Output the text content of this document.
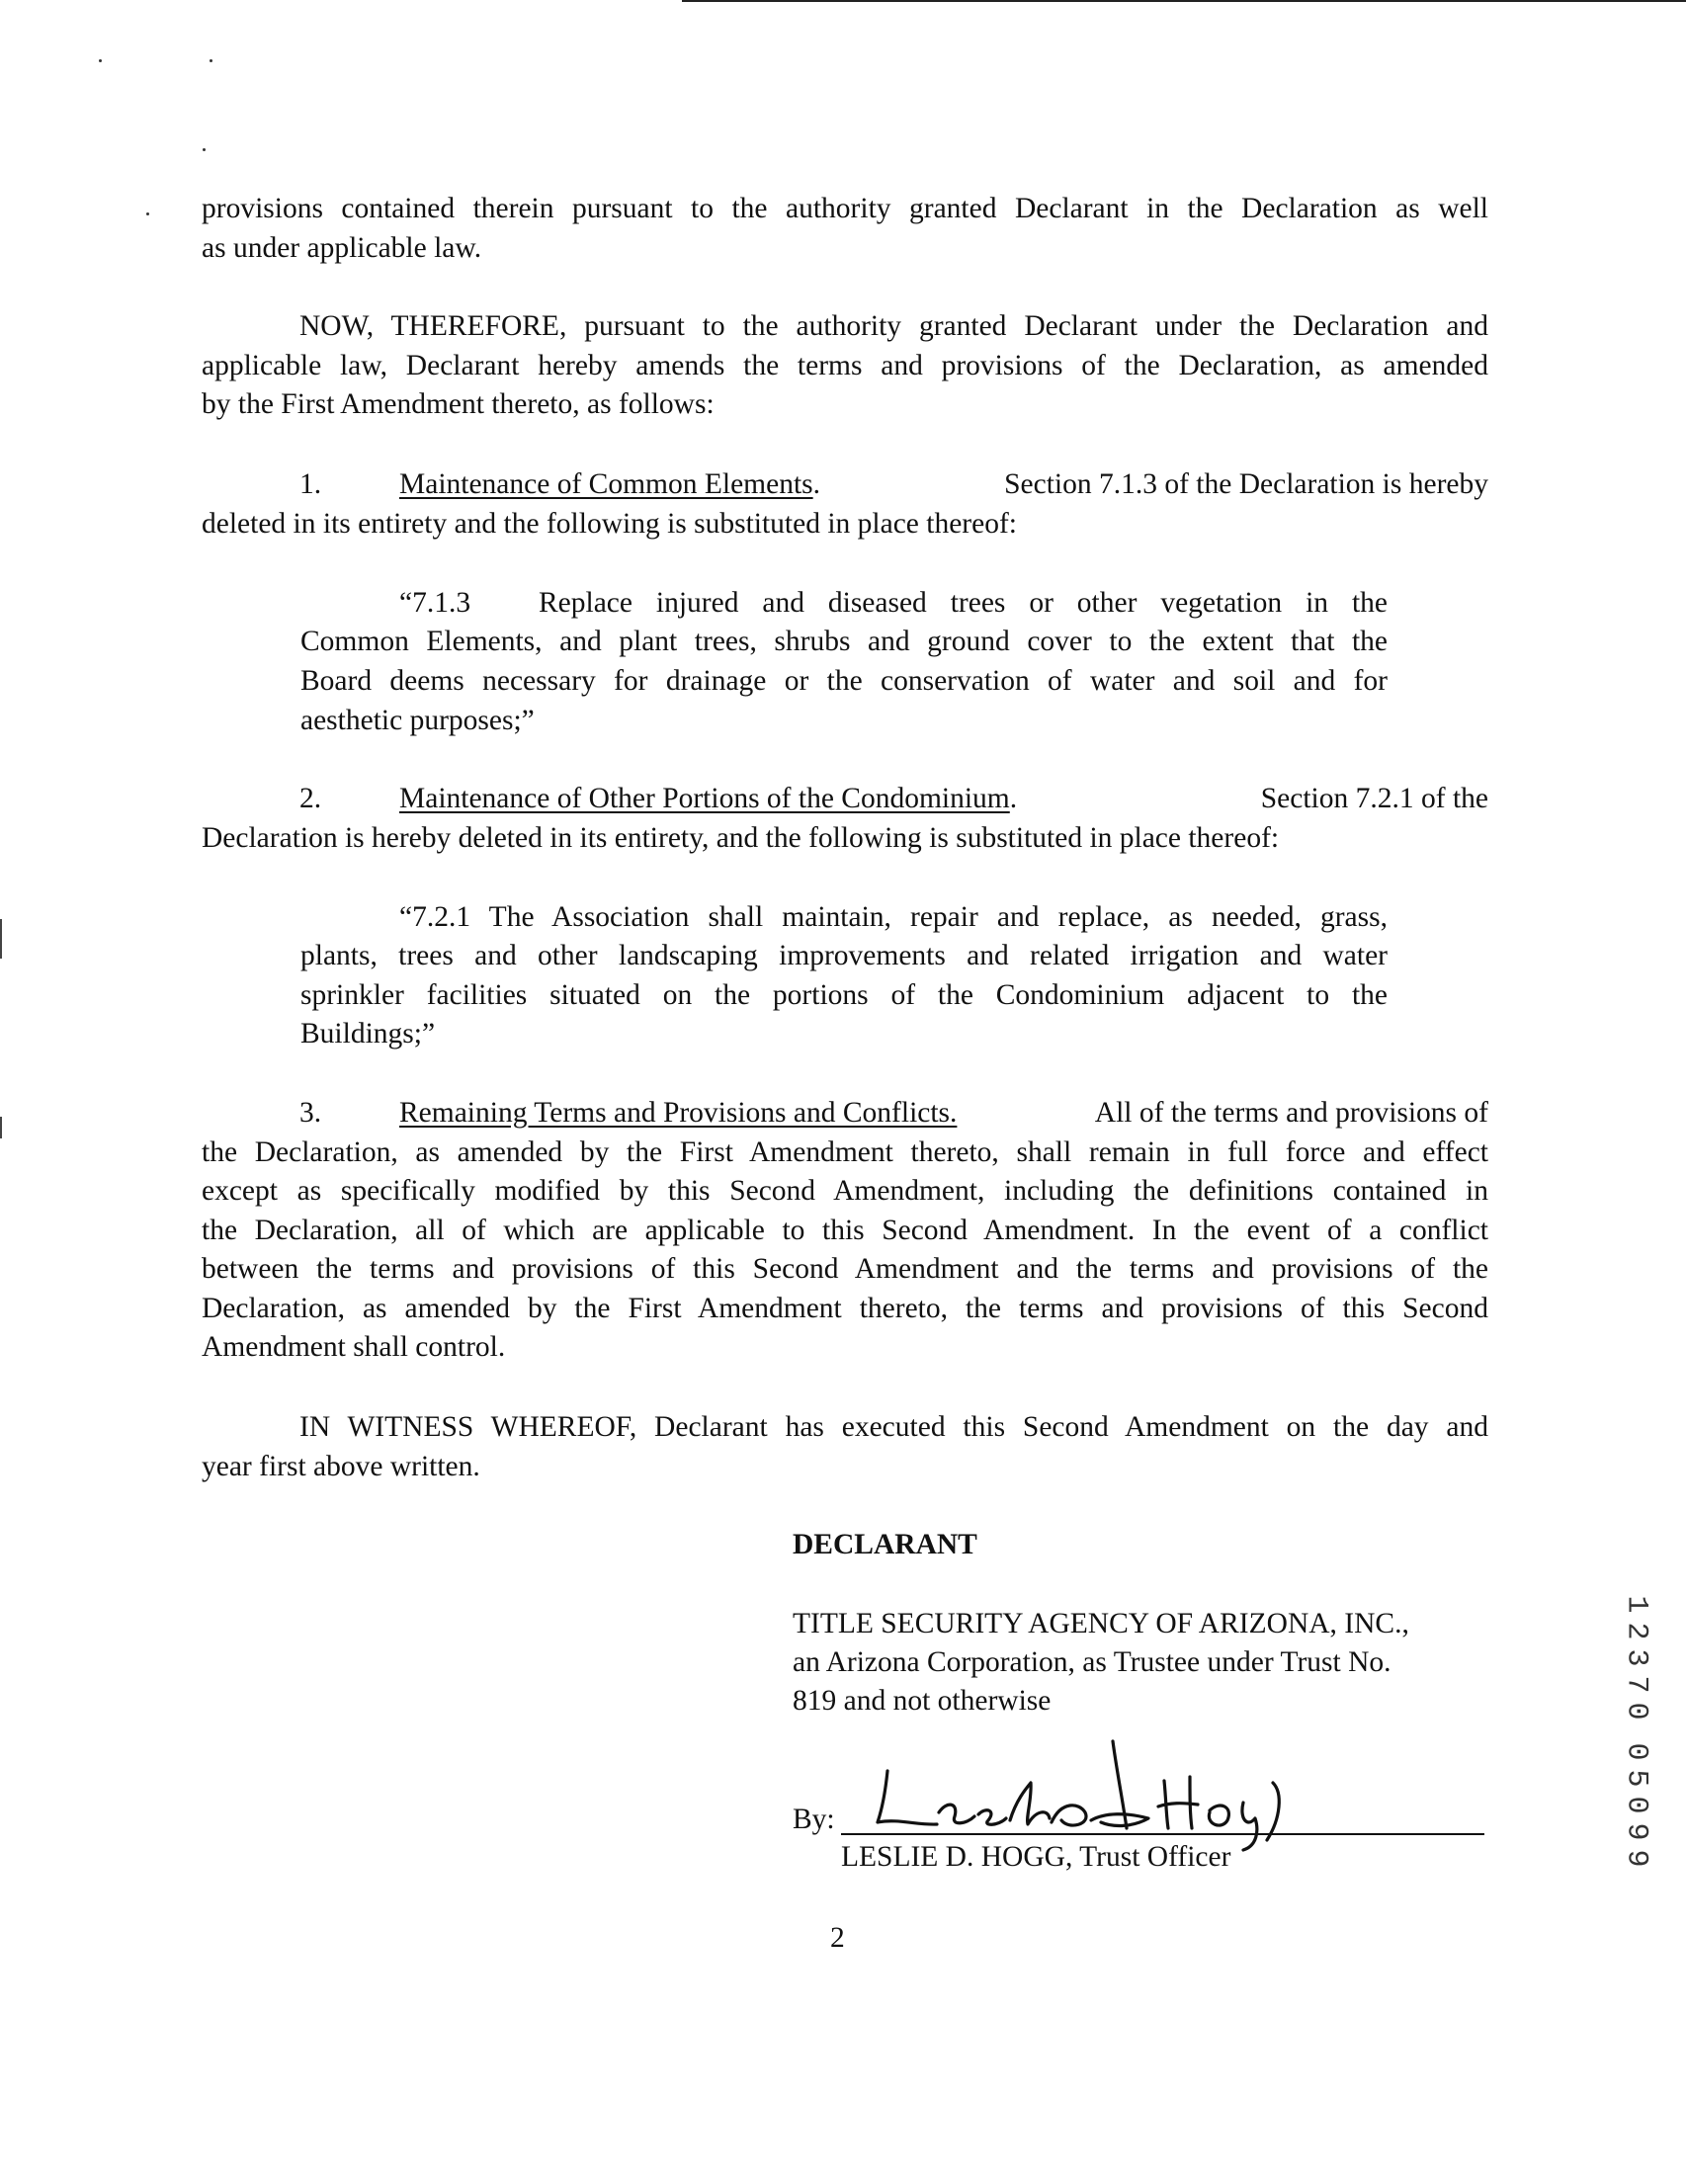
provisions contained therein pursuant to the authority granted Declarant in the Declaration as well
as under applicable law.
NOW, THEREFORE, pursuant to the authority granted Declarant under the Declaration and
applicable law, Declarant hereby amends the terms and provisions of the Declaration, as amended
by the First Amendment thereto, as follows:
1.	Maintenance of Common Elements.	Section 7.1.3 of the Declaration is hereby
deleted in its entirety and the following is substituted in place thereof:
“7.1.3 Replace injured and diseased trees or other vegetation in the
Common Elements, and plant trees, shrubs and ground cover to the extent that the
Board deems necessary for drainage or the conservation of water and soil and for
aesthetic purposes;”
2.	Maintenance of Other Portions of the Condominium.	Section 7.2.1 of the
Declaration is hereby deleted in its entirety, and the following is substituted in place thereof:
“7.2.1 The Association shall maintain, repair and replace, as needed, grass,
plants, trees and other landscaping improvements and related irrigation and water
sprinkler facilities situated on the portions of the Condominium adjacent to the
Buildings;”
3.	Remaining Terms and Provisions and Conflicts.	All of the terms and provisions of
the Declaration, as amended by the First Amendment thereto, shall remain in full force and effect
except as specifically modified by this Second Amendment, including the definitions contained in
the Declaration, all of which are applicable to this Second Amendment. In the event of a conflict
between the terms and provisions of this Second Amendment and the terms and provisions of the
Declaration, as amended by the First Amendment thereto, the terms and provisions of this Second
Amendment shall control.
IN WITNESS WHEREOF, Declarant has executed this Second Amendment on the day and
year first above written.
DECLARANT
TITLE SECURITY AGENCY OF ARIZONA, INC.,
an Arizona Corporation, as Trustee under Trust No.
819 and not otherwise
By:
Leslie D Hogg
LESLIE D. HOGG, Trust Officer
2
1
2
3
7
0
0
5
0
9
9
